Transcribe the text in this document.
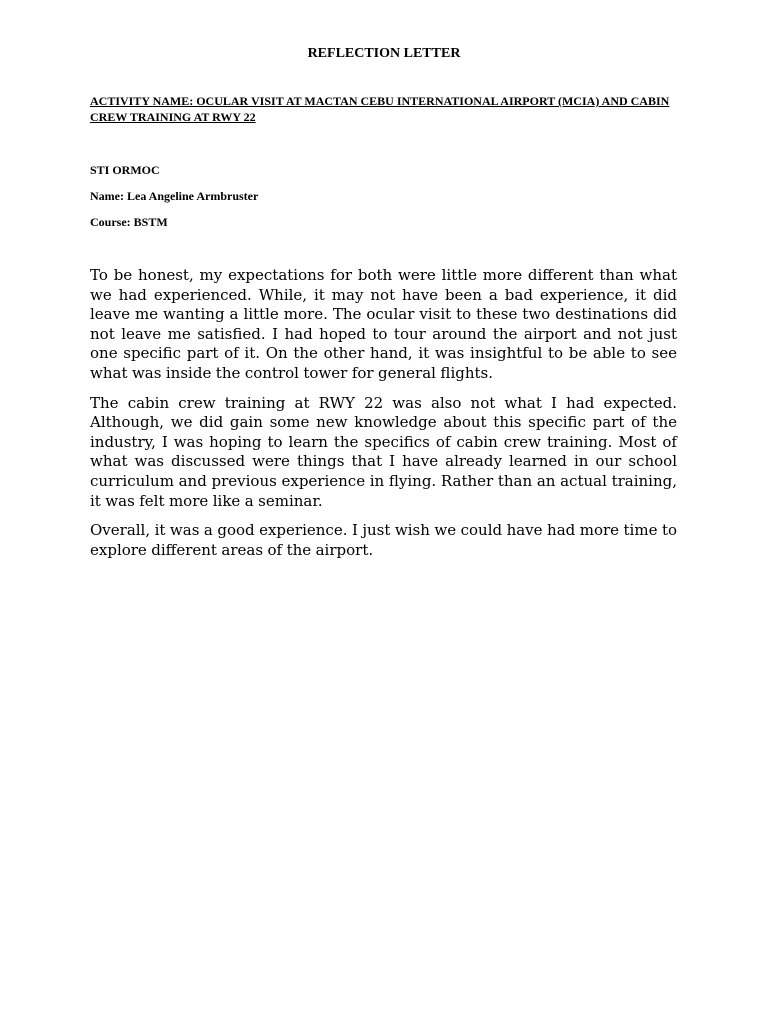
REFLECTION LETTER

ACTIVITY NAME: OCULAR VISIT AT MACTAN CEBU INTERNATIONAL AIRPORT (MCIA) AND CABIN CREW TRAINING AT RWY 22

STI ORMOC

Name: Lea Angeline Armbruster

Course: BSTM

To be honest, my expectations for both were little more different than what we had experienced. While, it may not have been a bad experience, it did leave me wanting a little more. The ocular visit to these two destinations did not leave me satisfied. I had hoped to tour around the airport and not just one specific part of it. On the other hand, it was insightful to be able to see what was inside the control tower for general flights.

The cabin crew training at RWY 22 was also not what I had expected. Although, we did gain some new knowledge about this specific part of the industry, I was hoping to learn the specifics of cabin crew training. Most of what was discussed were things that I have already learned in our school curriculum and previous experience in flying. Rather than an actual training, it was felt more like a seminar.

Overall, it was a good experience. I just wish we could have had more time to explore different areas of the airport.
